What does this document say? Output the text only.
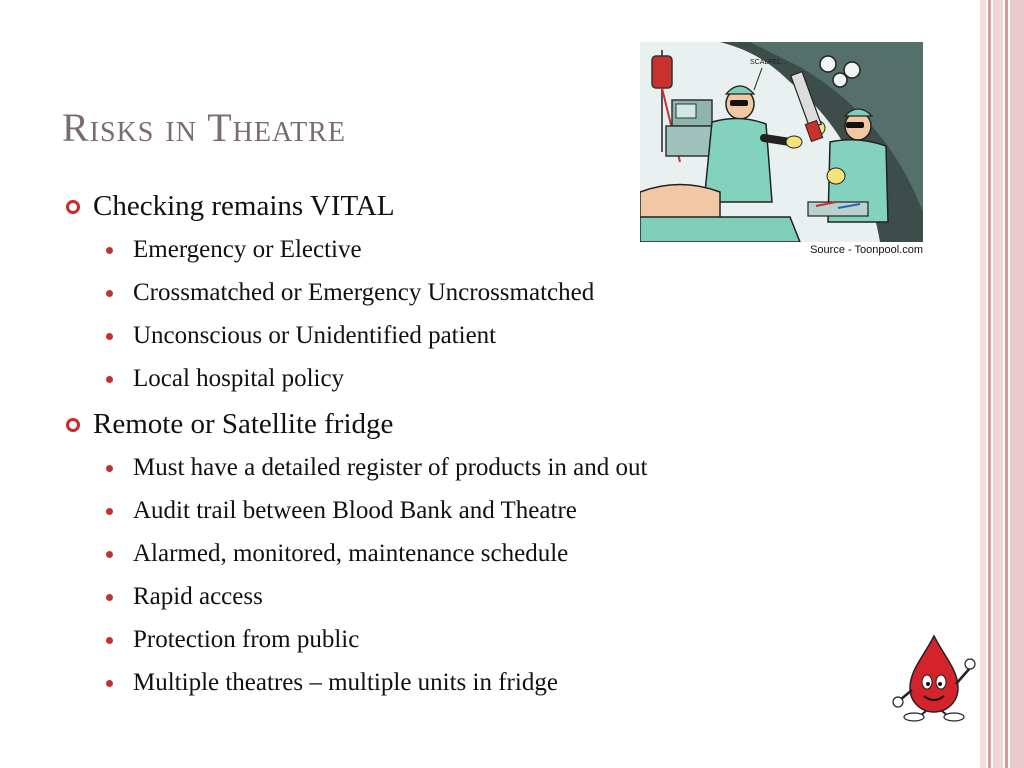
Risks in Theatre
Checking remains VITAL
Emergency or Elective
Crossmatched or Emergency Uncrossmatched
Unconscious or Unidentified patient
Local hospital policy
Remote or Satellite fridge
Must have a detailed register of products in and out
Audit trail between Blood Bank and Theatre
Alarmed, monitored, maintenance schedule
Rapid access
Protection from public
Multiple theatres – multiple units in fridge
SCALPEL...
Source - Toonpool.com
